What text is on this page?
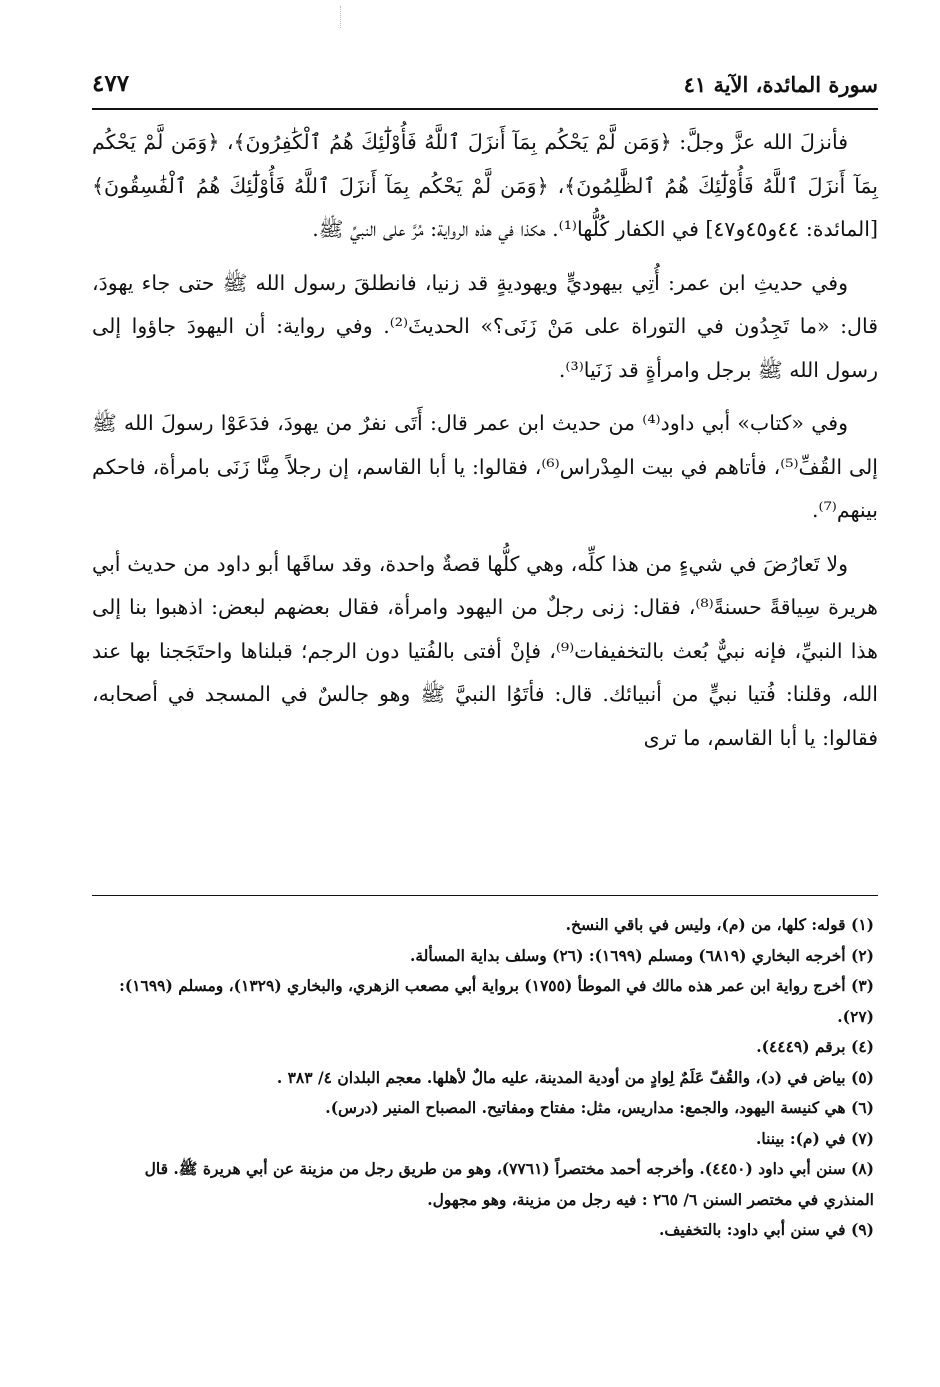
سورة المائدة، الآية ٤١
٤٧٧

فأنزلَ الله عزَّ وجلَّ: ﴿وَمَن لَّمْ يَحْكُم بِمَآ أَنزَلَ ٱللَّهُ فَأُوْلَٰٓئِكَ هُمُ ٱلْكَٰفِرُونَ﴾، ﴿وَمَن لَّمْ يَحْكُم بِمَآ أَنزَلَ ٱللَّهُ فَأُوْلَٰٓئِكَ هُمُ ٱلظَّٰلِمُونَ﴾، ﴿وَمَن لَّمْ يَحْكُم بِمَآ أَنزَلَ ٱللَّهُ فَأُوْلَٰٓئِكَ هُمُ ٱلْفَٰسِقُونَ﴾ [المائدة: ٤٤و٤٥و٤٧] في الكفار كُلُّها⁽¹⁾. هكذا في هذه الرواية: مُرَّ على النبيِّ ﷺ.

وفي حديثِ ابن عمر: أُتِي بيهوديٍّ ويهوديةٍ قد زنيا، فانطلقَ رسول الله ﷺ حتى جاء يهودَ، قال: «ما تَجِدُون في التوراة على مَنْ زَنَى؟» الحديثَ⁽²⁾. وفي رواية: أن اليهودَ جاؤوا إلى رسول الله ﷺ برجل وامرأةٍ قد زَنَيا⁽³⁾.

وفي «كتاب» أبي داود⁽⁴⁾ من حديث ابن عمر قال: أَتَى نفرٌ من يهودَ، فدَعَوْا رسولَ الله ﷺ إلى القُفِّ⁽⁵⁾، فأتاهم في بيت المِدْراس⁽⁶⁾، فقالوا: يا أبا القاسم، إن رجلاً مِنَّا زَنَى بامرأة، فاحكم بينهم⁽⁷⁾.

ولا تَعارُضَ في شيءٍ من هذا كلِّه، وهي كلُّها قصةٌ واحدة، وقد ساقَها أبو داود من حديث أبي هريرة سِياقةً حسنةً⁽⁸⁾، فقال: زنى رجلٌ من اليهود وامرأة، فقال بعضهم لبعض: اذهبوا بنا إلى هذا النبيِّ، فإنه نبيٌّ بُعث بالتخفيفات⁽⁹⁾، فإنْ أفتى بالفُتيا دون الرجم؛ قبلناها واحتَجَجنا بها عند الله، وقلنا: فُتيا نبيٍّ من أنبيائك. قال: فأتَوُا النبيَّ ﷺ وهو جالسٌ في المسجد في أصحابه، فقالوا: يا أبا القاسم، ما ترى

(١) قوله: كلها، من (م)، وليس في باقي النسخ.

(٢) أخرجه البخاري (٦٨١٩) ومسلم (١٦٩٩): (٢٦) وسلف بداية المسألة.

(٣) أخرج رواية ابن عمر هذه مالك في الموطأ (١٧٥٥) برواية أبي مصعب الزهري، والبخاري (١٣٢٩)، ومسلم (١٦٩٩): (٢٧).

(٤) برقم (٤٤٤٩).

(٥) بياض في (د)، والقُفّ عَلَمٌ لِوادٍ من أودية المدينة، عليه مالٌ لأهلها. معجم البلدان ٤/ ٣٨٣ .

(٦) هي كنيسة اليهود، والجمع: مداريس، مثل: مفتاح ومفاتيح. المصباح المنير (درس).

(٧) في (م): بيننا.

(٨) سنن أبي داود (٤٤٥٠). وأخرجه أحمد مختصراً (٧٧٦١)، وهو من طريق رجل من مزينة عن أبي هريرة ﷺ. قال المنذري في مختصر السنن ٦/ ٢٦٥ : فيه رجل من مزينة، وهو مجهول.

(٩) في سنن أبي داود: بالتخفيف.
